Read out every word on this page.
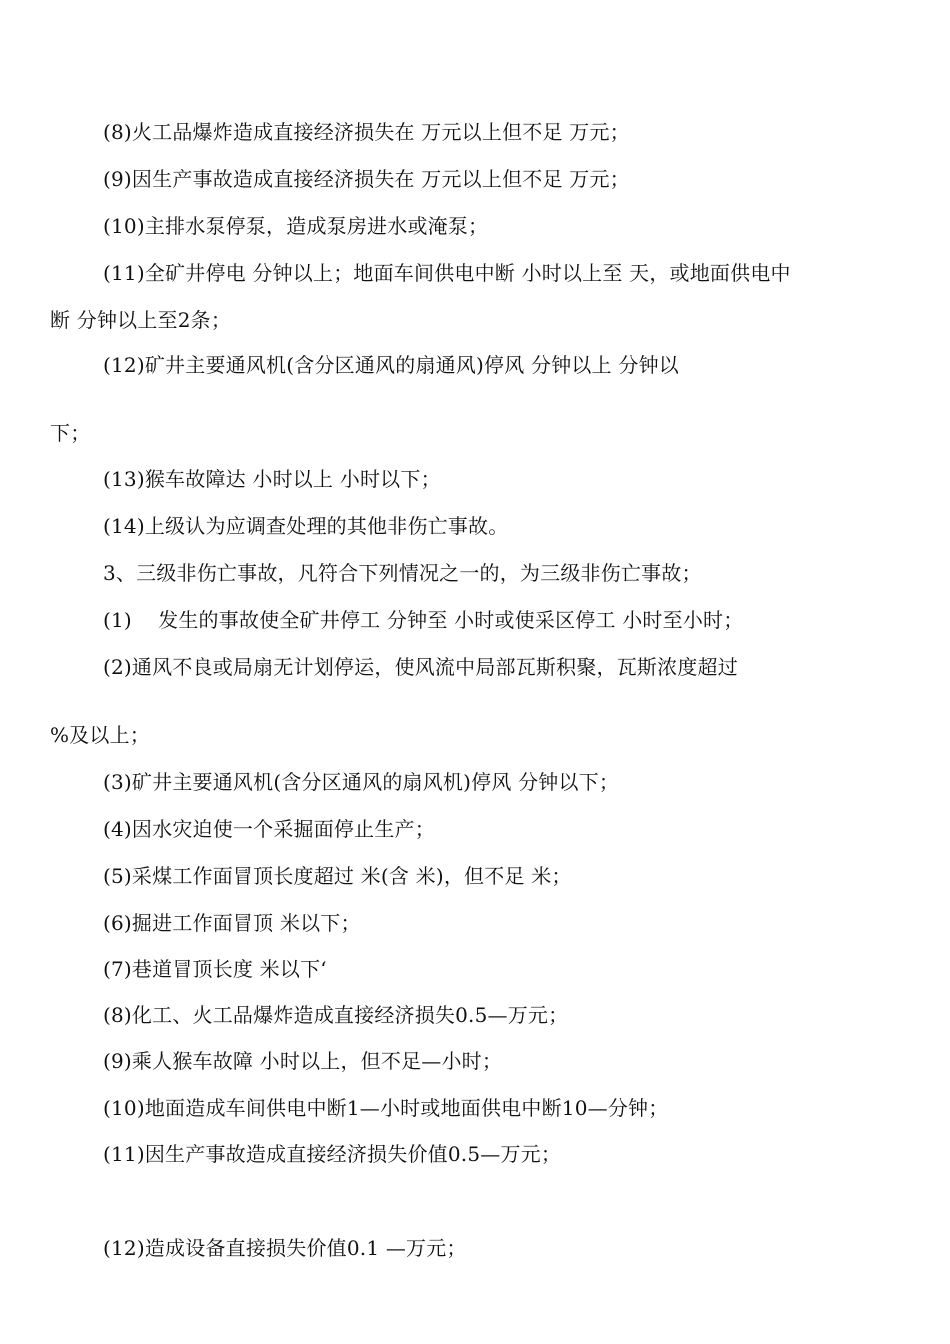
(8)火工品爆炸造成直接经济损失在 万元以上但不足 万元；
(9)因生产事故造成直接经济损失在 万元以上但不足 万元；
(10)主排水泵停泵，造成泵房进水或淹泵；
(11)全矿井停电 分钟以上；地面车间供电中断 小时以上至 天，或地面供电中
断 分钟以上至2条；
(12)矿井主要通风机(含分区通风的扇通风)停风 分钟以上 分钟以
下；
(13)猴车故障达 小时以上 小时以下；
(14)上级认为应调查处理的其他非伤亡事故。
3、三级非伤亡事故，凡符合下列情况之一的，为三级非伤亡事故；
(1)    发生的事故使全矿井停工 分钟至 小时或使采区停工 小时至小时；
(2)通风不良或局扇无计划停运，使风流中局部瓦斯积聚，瓦斯浓度超过
%及以上；
(3)矿井主要通风机(含分区通风的扇风机)停风 分钟以下；
(4)因水灾迫使一个采掘面停止生产；
(5)采煤工作面冒顶长度超过 米(含 米)，但不足 米；
(6)掘进工作面冒顶 米以下；
(7)巷道冒顶长度 米以下‘
(8)化工、火工品爆炸造成直接经济损失0.5—万元；
(9)乘人猴车故障 小时以上，但不足—小时；
(10)地面造成车间供电中断1—小时或地面供电中断10—分钟；
(11)因生产事故造成直接经济损失价值0.5—万元；
(12)造成设备直接损失价值0.1 —万元；
